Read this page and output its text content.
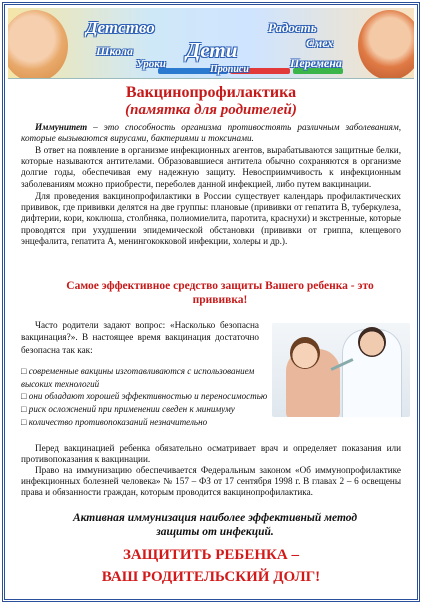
Детство
Дети
Радость
Смех
Школа
Уроки	Прописи	Перемена
Вакцинопрофилактика
(памятка для родителей)
Иммунитет – это способность организма противостоять различным заболеваниям, которые вызываются вирусами, бактериями и токсинами.
В ответ на появление в организме инфекционных агентов, вырабатываются защитные белки, которые называются антителами. Образовавшиеся антитела обычно сохраняются в организме долгие годы, обеспечивая ему надежную защиту. Невосприимчивость к инфекционным заболеваниям можно приобрести, переболев данной инфекцией, либо путем вакцинации.
Для проведения вакцинопрофилактики в России существует календарь профилактических прививок, где прививки делятся на две группы: плановые (прививки от гепатита В, туберкулеза, дифтерии, кори, коклюша, столбняка, полиомиелита, паротита, краснухи) и экстренные, которые проводятся при ухудшении эпидемической обстановки (прививки от гриппа, клещевого энцефалита, гепатита А, менингококковой инфекции, холеры и др.).
Самое эффективное средство защиты Вашего ребенка - это прививка!
Часто родители задают вопрос: «Насколько безопасна вакцинация?». В настоящее время вакцинация достаточно безопасна так как:
□ современные вакцины изготавливаются с использованием высоких технологий
□ они обладают хорошей эффективностью и переносимостью
□ риск осложнений при применении сведен к минимуму
□ количество противопоказаний незначительно
Перед вакцинацией ребенка обязательно осматривает врач и определяет показания или противопоказания к вакцинации.
Право на иммунизацию обеспечивается Федеральным законом «Об иммунопрофилактике инфекционных болезней человека» № 157 – ФЗ от 17 сентября 1998 г. В главах 2 – 6 освещены права и обязанности граждан, которым проводится вакцинопрофилактика.
Активная иммунизация наиболее эффективный метод защиты от инфекций.
ЗАЩИТИТЬ РЕБЕНКА –
ВАШ РОДИТЕЛЬСКИЙ ДОЛГ!
